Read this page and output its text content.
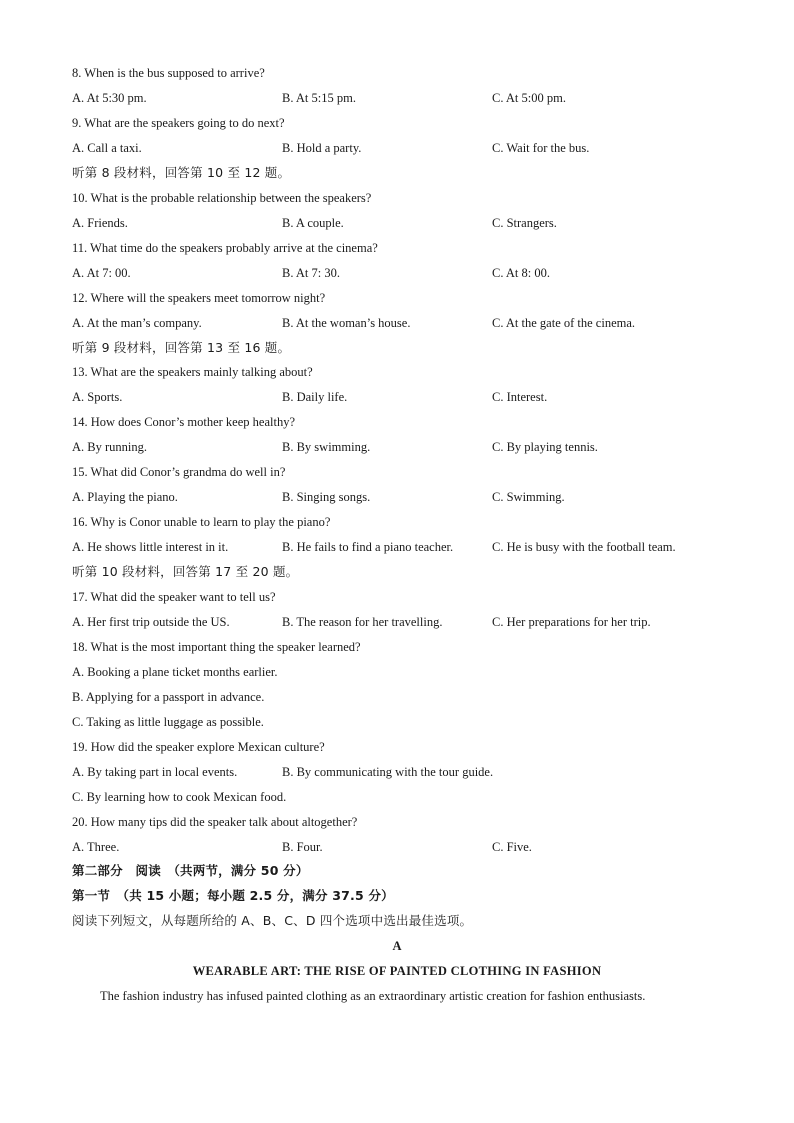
8. When is the bus supposed to arrive?
A. At 5:30 pm.	B. At 5:15 pm.	C. At 5:00 pm.
9. What are the speakers going to do next?
A. Call a taxi.	B. Hold a party.	C. Wait for the bus.
听第 8 段材料，回答第 10 至 12 题。
10. What is the probable relationship between the speakers?
A. Friends.	B. A couple.	C. Strangers.
11. What time do the speakers probably arrive at the cinema?
A. At 7: 00.	B. At 7: 30.	C. At 8: 00.
12. Where will the speakers meet tomorrow night?
A. At the man’s company.	B. At the woman’s house.	C. At the gate of the cinema.
听第 9 段材料，回答第 13 至 16 题。
13. What are the speakers mainly talking about?
A. Sports.	B. Daily life.	C. Interest.
14. How does Conor’s mother keep healthy?
A. By running.	B. By swimming.	C. By playing tennis.
15. What did Conor’s grandma do well in?
A. Playing the piano.	B. Singing songs.	C. Swimming.
16. Why is Conor unable to learn to play the piano?
A. He shows little interest in it.	B. He fails to find a piano teacher.	C. He is busy with the football team.
听第 10 段材料，回答第 17 至 20 题。
17. What did the speaker want to tell us?
A. Her first trip outside the US.	B. The reason for her travelling.	C. Her preparations for her trip.
18. What is the most important thing the speaker learned?
A. Booking a plane ticket months earlier.
B. Applying for a passport in advance.
C. Taking as little luggage as possible.
19. How did the speaker explore Mexican culture?
A. By taking part in local events.	B. By communicating with the tour guide.
C. By learning how to cook Mexican food.
20. How many tips did the speaker talk about altogether?
A. Three.	B. Four.	C. Five.
第二部分　阅读　（共两节，满分 50 分）
第一节　（共 15 小题；每小题 2.5 分，满分 37.5 分）
阅读下列短文，从每题所给的 A、B、C、D 四个选项中选出最佳选项。
A
WEARABLE ART: THE RISE OF PAINTED CLOTHING IN FASHION
The fashion industry has infused painted clothing as an extraordinary artistic creation for fashion enthusiasts.
